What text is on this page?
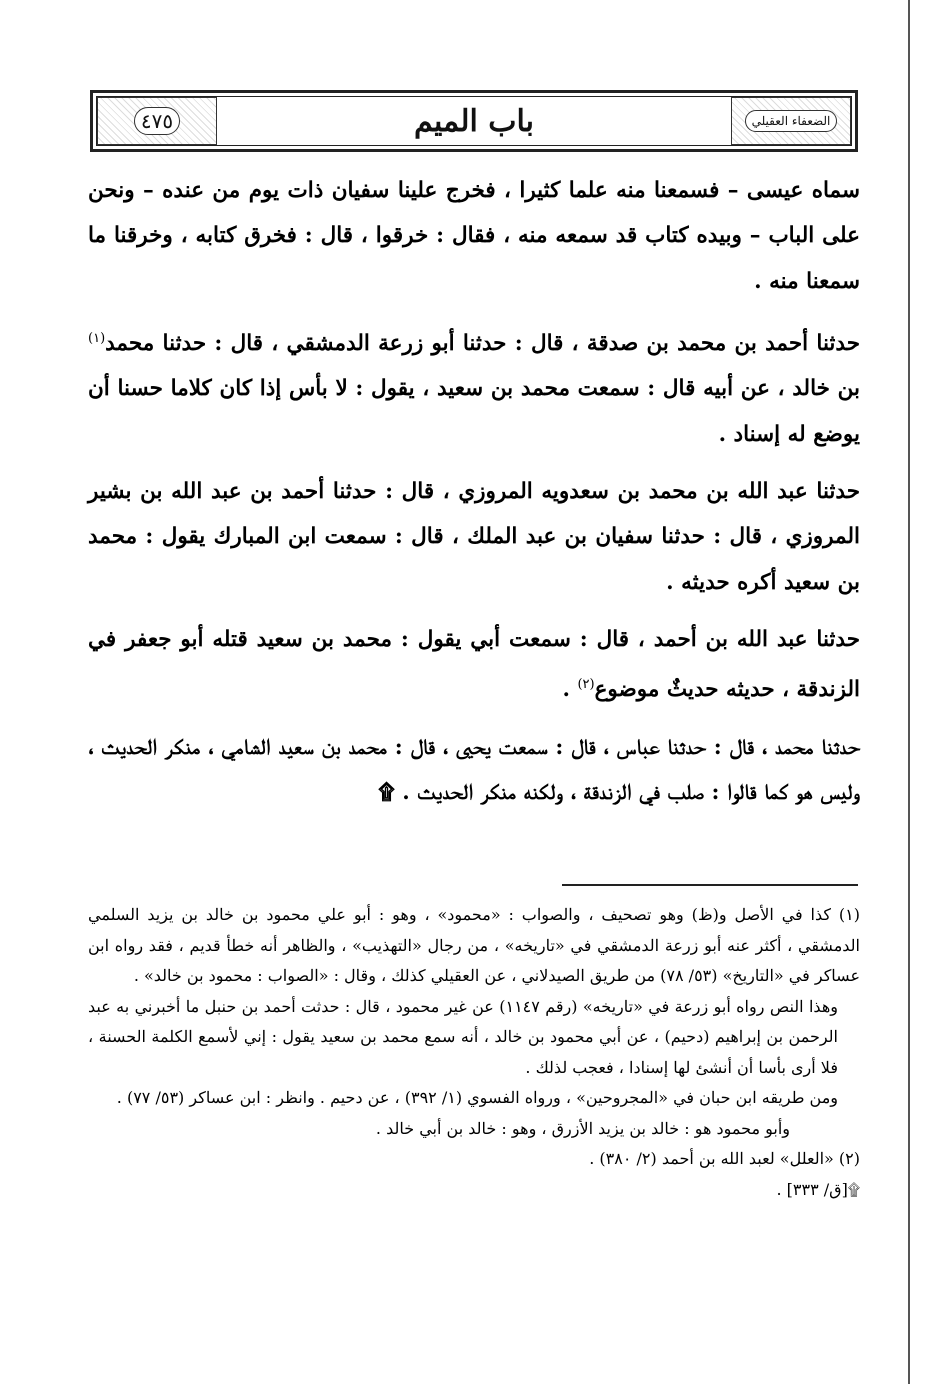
٤٧٥	باب الميم	الضعفاء العقيلي

سماه عيسى – فسمعنا منه علما كثيرا ، فخرج علينا سفيان ذات يوم من عنده – ونحن على الباب – وبيده كتاب قد سمعه منه ، فقال : خرقوا ، قال : فخرق كتابه ، وخرقنا ما سمعنا منه .

حدثنا أحمد بن محمد بن صدقة ، قال : حدثنا أبو زرعة الدمشقي ، قال : حدثنا محمد$^{(١)}$ بن خالد ، عن أبيه قال : سمعت محمد بن سعيد ، يقول : لا بأس إذا كان كلاما حسنا أن يوضع له إسناد .

حدثنا عبد الله بن محمد بن سعدويه المروزي ، قال : حدثنا أحمد بن عبد الله بن بشير المروزي ، قال : حدثنا سفيان بن عبد الملك ، قال : سمعت ابن المبارك يقول : محمد بن سعيد أكره حديثه .

حدثنا عبد الله بن أحمد ، قال : سمعت أبي يقول : محمد بن سعيد قتله أبو جعفر في الزندقة ، حديثه حديثٌ موضوع$^{(٢)}$ .

حدثنا محمد ، قال : حدثنا عباس ، قال : سمعت يحيى ، قال : محمد بن سعيد الشامي ، منكر الحديث ، وليس هو كما قالوا : صلب في الزندقة ، ولكنه منكر الحديث . ۩

(١) كذا في الأصل و(ظ) وهو تصحيف ، والصواب : «محمود» ، وهو : أبو علي محمود بن خالد بن يزيد السلمي الدمشقي ، أكثر عنه أبو زرعة الدمشقي في «تاريخه» ، من رجال «التهذيب» ، والظاهر أنه خطأ قديم ، فقد رواه ابن عساكر في «التاريخ» (٥٣/ ٧٨) من طريق الصيدلاني ، عن العقيلي كذلك ، وقال : «الصواب : محمود بن خالد» .

وهذا النص رواه أبو زرعة في «تاريخه» (رقم ١١٤٧) عن غير محمود ، قال : حدثت أحمد بن حنبل ما أخبرني به عبد الرحمن بن إبراهيم (دحيم) ، عن أبي محمود بن خالد ، أنه سمع محمد بن سعيد يقول : إني لأسمع الكلمة الحسنة ، فلا أرى بأسا أن أنشئ لها إسنادا ، فعجب لذلك .

ومن طريقه ابن حبان في «المجروحين» ، ورواه الفسوي (١/ ٣٩٢) ، عن دحيم . وانظر : ابن عساكر (٥٣/ ٧٧) .

وأبو محمود هو : خالد بن يزيد الأزرق ، وهو : خالد بن أبي خالد .

(٢) «العلل» لعبد الله بن أحمد (٢/ ٣٨٠) .

۩[ق/ ٣٣٣] .
